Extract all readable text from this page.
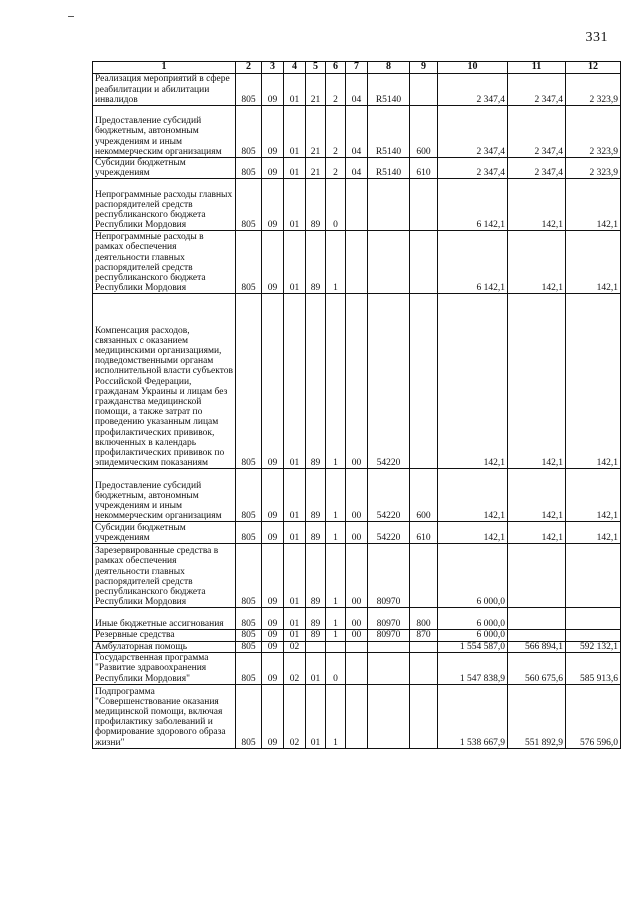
331
1	2	3	4	5	6	7	8	9	10	11	12
Реализация мероприятий в сфере реабилитации и абилитации инвалидов	805	09	01	21	2	04	R5140		2 347,4	2 347,4	2 323,9
Предоставление субсидий бюджетным, автономным учреждениям и иным некоммерческим организациям	805	09	01	21	2	04	R5140	600	2 347,4	2 347,4	2 323,9
Субсидии бюджетным учреждениям	805	09	01	21	2	04	R5140	610	2 347,4	2 347,4	2 323,9
Непрограммные расходы главных распорядителей средств республиканского бюджета Республики Мордовия	805	09	01	89	0				6 142,1	142,1	142,1
Непрограммные расходы в рамках обеспечения деятельности главных распорядителей средств республиканского бюджета Республики Мордовия	805	09	01	89	1				6 142,1	142,1	142,1
Компенсация расходов, связанных с оказанием медицинскими организациями, подведомственными органам исполнительной власти субъектов Российской Федерации, гражданам Украины и лицам без гражданства медицинской помощи, а также затрат по проведению указанным лицам профилактических прививок, включенных в календарь профилактических прививок по эпидемическим показаниям	805	09	01	89	1	00	54220		142,1	142,1	142,1
Предоставление субсидий бюджетным, автономным учреждениям и иным некоммерческим организациям	805	09	01	89	1	00	54220	600	142,1	142,1	142,1
Субсидии бюджетным учреждениям	805	09	01	89	1	00	54220	610	142,1	142,1	142,1
Зарезервированные средства в рамках обеспечения деятельности главных распорядителей средств республиканского бюджета Республики Мордовия	805	09	01	89	1	00	80970		6 000,0		
Иные бюджетные ассигнования	805	09	01	89	1	00	80970	800	6 000,0		
Резервные средства	805	09	01	89	1	00	80970	870	6 000,0		
Амбулаторная помощь	805	09	02						1 554 587,0	566 894,1	592 132,1
Государственная программа "Развитие здравоохранения Республики Мордовия"	805	09	02	01	0				1 547 838,9	560 675,6	585 913,6
Подпрограмма "Совершенствование оказания медицинской помощи, включая профилактику заболеваний и формирование здорового образа жизни"	805	09	02	01	1				1 538 667,9	551 892,9	576 596,0
